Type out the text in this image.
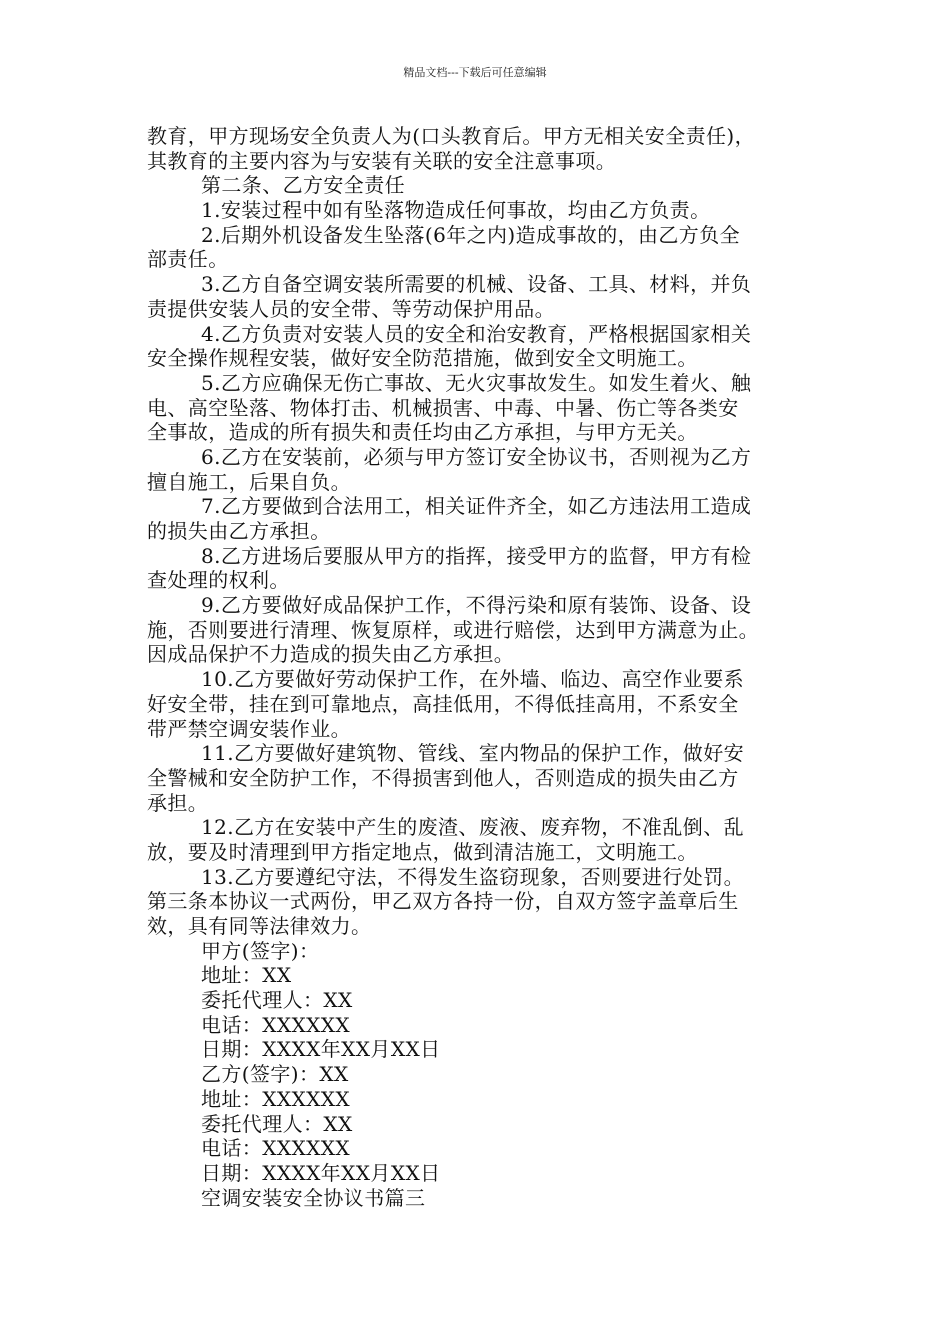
精品文档---下载后可任意编辑
教育，甲方现场安全负责人为(口头教育后。甲方无相关安全责任)，
其教育的主要内容为与安装有关联的安全注意事项。
第二条、乙方安全责任
1.安装过程中如有坠落物造成任何事故，均由乙方负责。
2.后期外机设备发生坠落(6年之内)造成事故的，由乙方负全
部责任。
3.乙方自备空调安装所需要的机械、设备、工具、材料，并负
责提供安装人员的安全带、等劳动保护用品。
4.乙方负责对安装人员的安全和治安教育，严格根据国家相关
安全操作规程安装，做好安全防范措施，做到安全文明施工。
5.乙方应确保无伤亡事故、无火灾事故发生。如发生着火、触
电、高空坠落、物体打击、机械损害、中毒、中暑、伤亡等各类安
全事故，造成的所有损失和责任均由乙方承担，与甲方无关。
6.乙方在安装前，必须与甲方签订安全协议书，否则视为乙方
擅自施工，后果自负。
7.乙方要做到合法用工，相关证件齐全，如乙方违法用工造成
的损失由乙方承担。
8.乙方进场后要服从甲方的指挥，接受甲方的监督，甲方有检
查处理的权利。
9.乙方要做好成品保护工作，不得污染和原有装饰、设备、设
施，否则要进行清理、恢复原样，或进行赔偿，达到甲方满意为止。
因成品保护不力造成的损失由乙方承担。
10.乙方要做好劳动保护工作，在外墙、临边、高空作业要系
好安全带，挂在到可靠地点，高挂低用，不得低挂高用，不系安全
带严禁空调安装作业。
11.乙方要做好建筑物、管线、室内物品的保护工作，做好安
全警械和安全防护工作，不得损害到他人，否则造成的损失由乙方
承担。
12.乙方在安装中产生的废渣、废液、废弃物，不准乱倒、乱
放，要及时清理到甲方指定地点，做到清洁施工，文明施工。
13.乙方要遵纪守法，不得发生盗窃现象，否则要进行处罚。
第三条本协议一式两份，甲乙双方各持一份，自双方签字盖章后生
效，具有同等法律效力。
甲方(签字)：
地址：XX
委托代理人：XX
电话：XXXXXX
日期：XXXX年XX月XX日
乙方(签字)：XX
地址：XXXXXX
委托代理人：XX
电话：XXXXXX
日期：XXXX年XX月XX日
空调安装安全协议书篇三
